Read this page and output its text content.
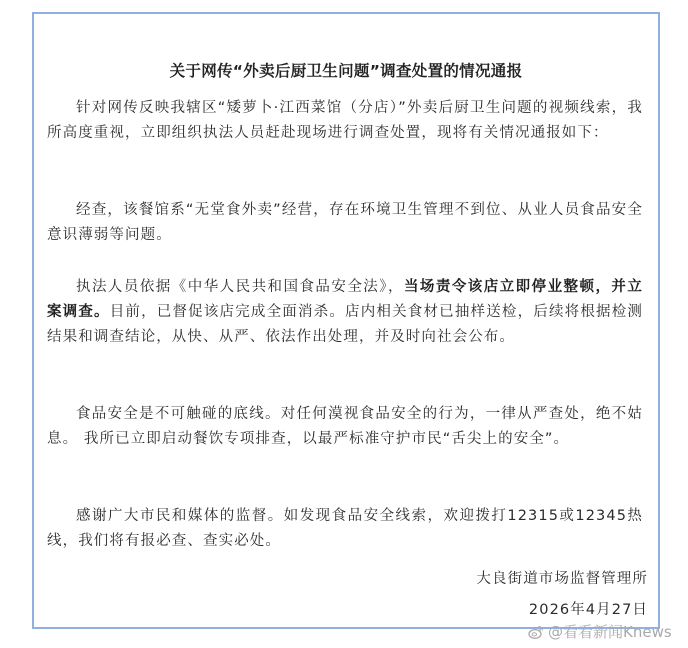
关于网传“外卖后厨卫生问题”调查处置的情况通报

针对网传反映我辖区“矮萝卜·江西菜馆（分店）”外卖后厨卫生问题的视频线索，我所高度重视，立即组织执法人员赶赴现场进行调查处置，现将有关情况通报如下：

经查，该餐馆系“无堂食外卖”经营，存在环境卫生管理不到位、从业人员食品安全意识薄弱等问题。

执法人员依据《中华人民共和国食品安全法》，当场责令该店立即停业整顿，并立案调查。目前，已督促该店完成全面消杀。店内相关食材已抽样送检，后续将根据检测结果和调查结论，从快、从严、依法作出处理，并及时向社会公布。

食品安全是不可触碰的底线。对任何漠视食品安全的行为，一律从严查处，绝不姑息。 我所已立即启动餐饮专项排查，以最严标准守护市民“舌尖上的安全”。

感谢广大市民和媒体的监督。如发现食品安全线索，欢迎拨打12315或12345热线，我们将有报必查、查实必处。

大良街道市场监督管理所
2026年4月27日
@看看新闻Knews
